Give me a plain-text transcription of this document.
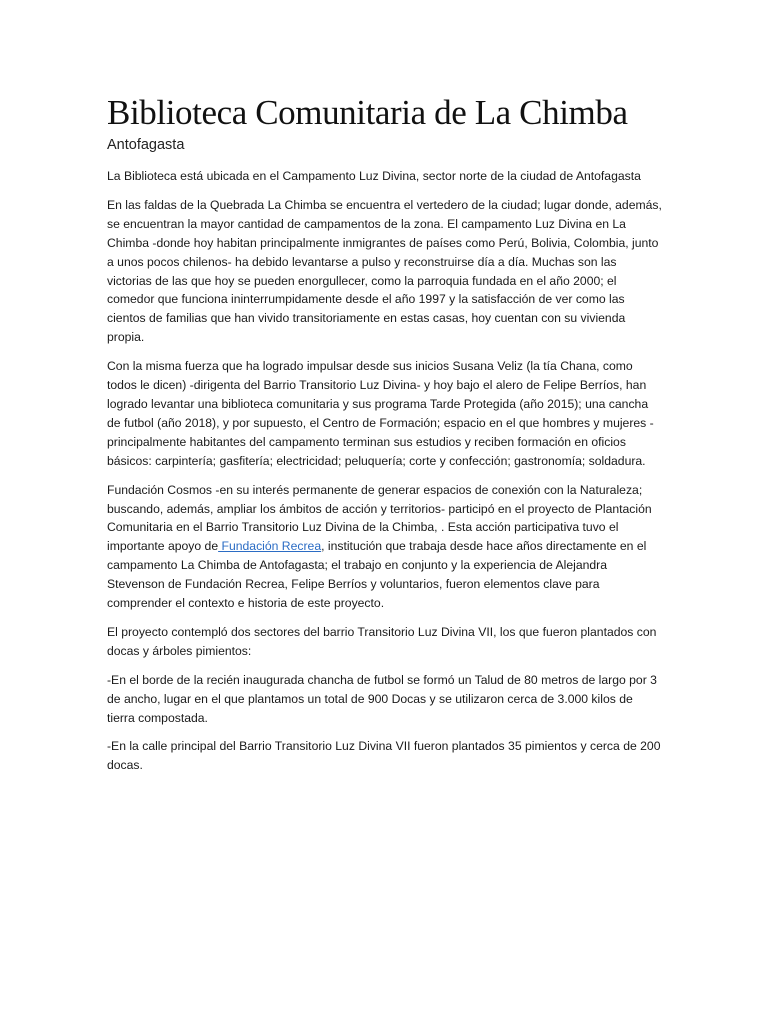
Biblioteca Comunitaria de La Chimba
Antofagasta

La Biblioteca está ubicada en el Campamento Luz Divina, sector norte de la ciudad de Antofagasta

En las faldas de la Quebrada La Chimba se encuentra el vertedero de la ciudad; lugar donde, además, se encuentran la mayor cantidad de campamentos de la zona. El campamento Luz Divina en La Chimba -donde hoy habitan principalmente inmigrantes de países como Perú, Bolivia, Colombia, junto a unos pocos chilenos- ha debido levantarse a pulso y reconstruirse día a día. Muchas son las victorias de las que hoy se pueden enorgullecer, como la parroquia fundada en el año 2000; el comedor que funciona ininterrumpidamente desde el año 1997 y la satisfacción de ver como las cientos de familias que han vivido transitoriamente en estas casas, hoy cuentan con su vivienda propia.

Con la misma fuerza que ha logrado impulsar desde sus inicios Susana Veliz (la tía Chana, como todos le dicen) -dirigenta del Barrio Transitorio Luz Divina- y hoy bajo el alero de Felipe Berríos, han logrado levantar una biblioteca comunitaria y sus programa Tarde Protegida (año 2015); una cancha de futbol (año 2018), y por supuesto, el Centro de Formación; espacio en el que hombres y mujeres -principalmente habitantes del campamento terminan sus estudios y reciben formación en oficios básicos: carpintería; gasfitería; electricidad; peluquería; corte y confección; gastronomía; soldadura.

Fundación Cosmos -en su interés permanente de generar espacios de conexión con la Naturaleza; buscando, además, ampliar los ámbitos de acción y territorios- participó en el proyecto de Plantación Comunitaria en el Barrio Transitorio Luz Divina de la Chimba, . Esta acción participativa tuvo el importante apoyo de Fundación Recrea, institución que trabaja desde hace años directamente en el campamento La Chimba de Antofagasta; el trabajo en conjunto y la experiencia de Alejandra Stevenson de Fundación Recrea, Felipe Berríos y voluntarios, fueron elementos clave para comprender el contexto e historia de este proyecto.

El proyecto contempló dos sectores del barrio Transitorio Luz Divina VII, los que fueron plantados con docas y árboles pimientos:

-En el borde de la recién inaugurada chancha de futbol se formó un Talud de 80 metros de largo por 3 de ancho, lugar en el que plantamos un total de 900 Docas y se utilizaron cerca de 3.000 kilos de tierra compostada.

-En la calle principal del Barrio Transitorio Luz Divina VII fueron plantados 35 pimientos y cerca de 200 docas.
